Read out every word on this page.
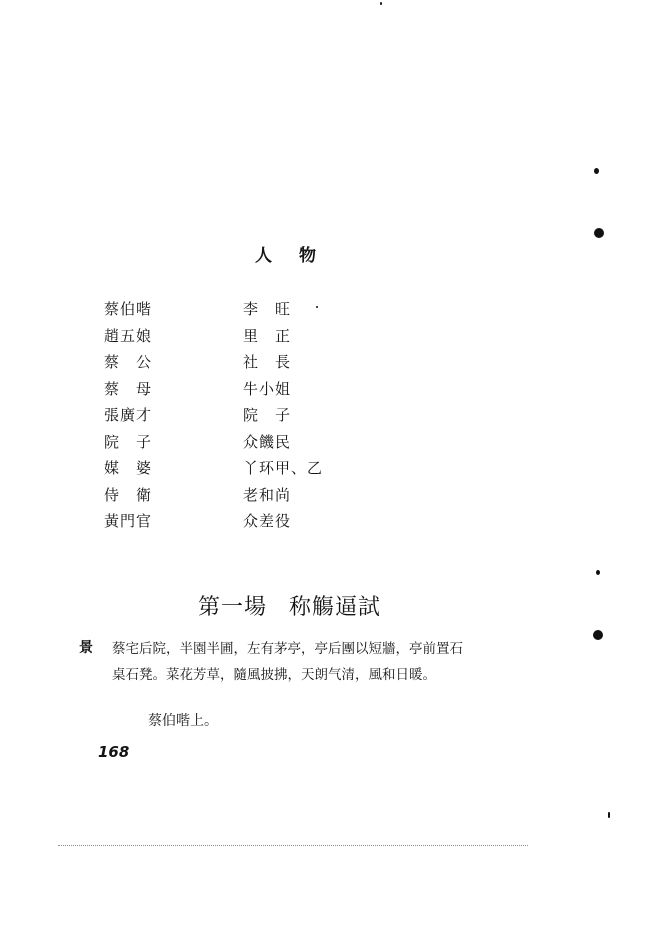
人 物
蔡伯喈
趙五娘
蔡　公
蔡　母
張廣才
院　子
媒　婆
侍　衛
黃門官
李　旺
里　正
社　長
牛小姐
院　子
众饑民
丫环甲、乙
老和尚
众差役
第一場 称觴逼試
景 蔡宅后院，半園半圃，左有茅亭，亭后團以短牆，亭前置石
桌石凳。菜花芳草，隨風披拂，天朗气清，風和日暖。
蔡伯喈上。
168
